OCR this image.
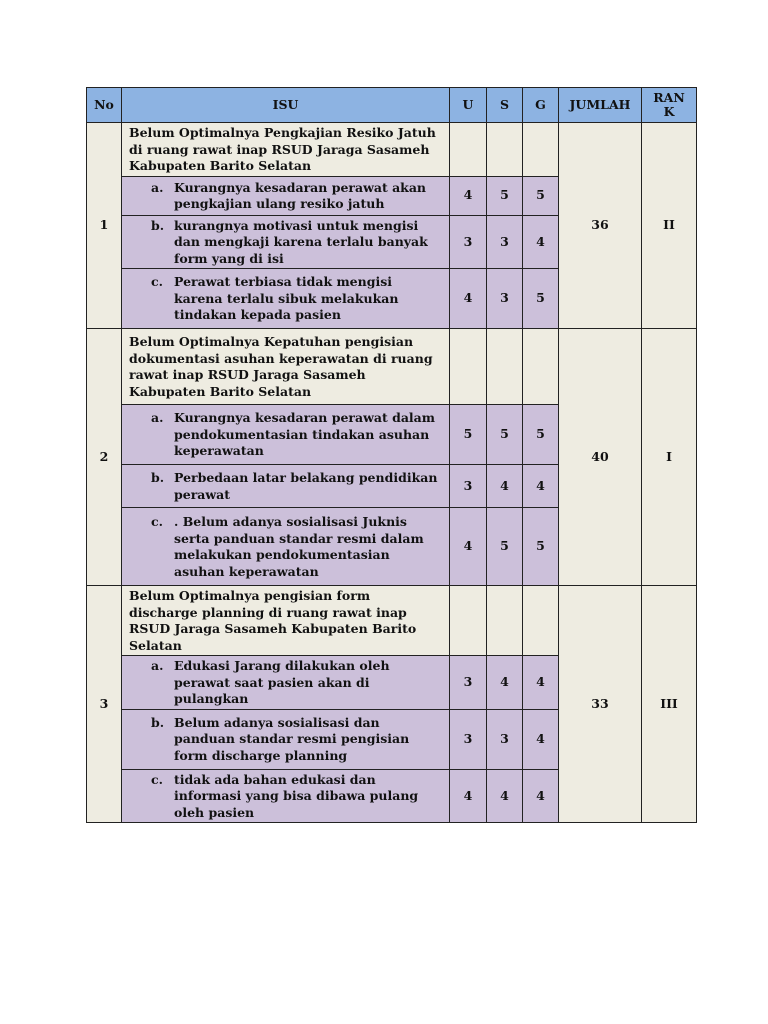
No	ISU	U	S	G	JUMLAH	RAN
K
1	Belum Optimalnya Pengkajian Resiko Jatuh di ruang rawat inap RSUD Jaraga Sasameh Kabupaten Barito Selatan				36	II

	a. Kurangnya kesadaran perawat akan pengkajian ulang resiko jatuh	4	5	5		

	b. kurangnya motivasi untuk mengisi dan mengkaji karena terlalu banyak form yang di isi	3	3	4		

	c. Perawat terbiasa tidak mengisi karena terlalu sibuk melakukan tindakan kepada pasien	4	3	5		
2	Belum Optimalnya Kepatuhan pengisian dokumentasi asuhan keperawatan di ruang rawat inap RSUD Jaraga Sasameh Kabupaten Barito Selatan				40	I

	a. Kurangnya kesadaran perawat dalam pendokumentasian tindakan asuhan keperawatan	5	5	5		

	b. Perbedaan latar belakang pendidikan perawat	3	4	4		

	c. . Belum adanya sosialisasi Juknis serta panduan standar resmi dalam melakukan pendokumentasian asuhan keperawatan	4	5	5		
3	Belum Optimalnya pengisian form discharge planning di ruang rawat inap RSUD Jaraga Sasameh Kabupaten Barito Selatan				33	III

	a. Edukasi Jarang dilakukan oleh perawat saat pasien akan di pulangkan	3	4	4		

	b. Belum adanya sosialisasi dan panduan standar resmi pengisian form discharge planning	3	3	4		

	c. tidak ada bahan edukasi dan informasi yang bisa dibawa pulang oleh pasien	4	4	4		
